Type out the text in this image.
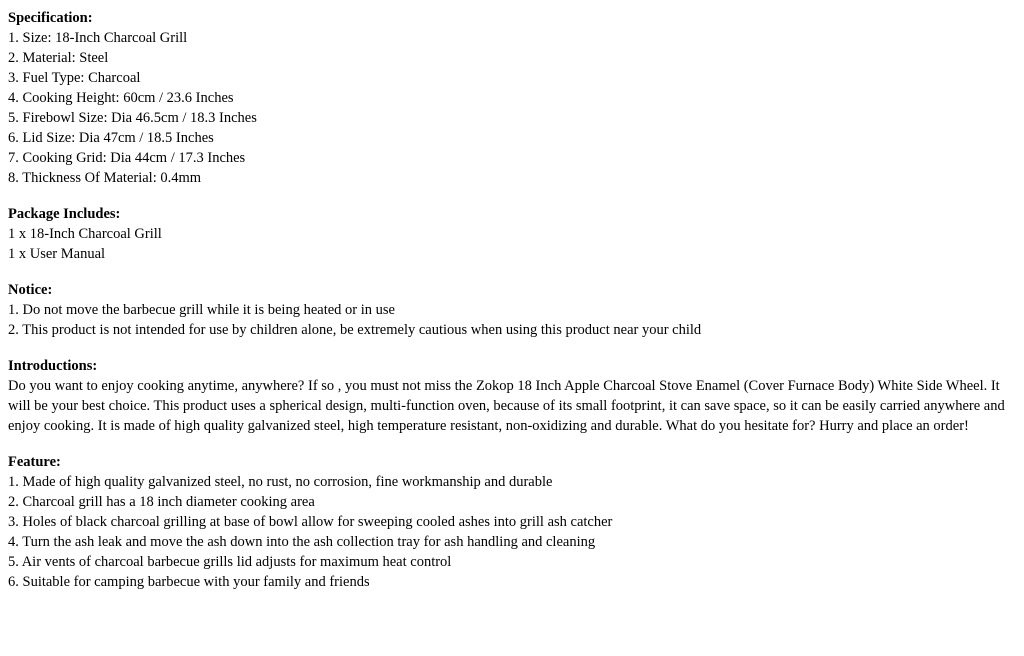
Specification:
1. Size: 18-Inch Charcoal Grill
2. Material: Steel
3. Fuel Type: Charcoal
4. Cooking Height: 60cm / 23.6 Inches
5. Firebowl Size: Dia 46.5cm / 18.3 Inches
6. Lid Size: Dia 47cm / 18.5 Inches
7. Cooking Grid: Dia 44cm / 17.3 Inches
8. Thickness Of Material: 0.4mm
Package Includes:
1 x 18-Inch Charcoal Grill
1 x User Manual
Notice:
1. Do not move the barbecue grill while it is being heated or in use
2. This product is not intended for use by children alone, be extremely cautious when using this product near your child
Introductions:

Do you want to enjoy cooking anytime, anywhere? If so , you must not miss the Zokop 18 Inch Apple Charcoal Stove Enamel (Cover Furnace Body) White Side Wheel. It will be your best choice. This product uses a spherical design, multi-function oven, because of its small footprint, it can save space, so it can be easily carried anywhere and enjoy cooking. It is made of high quality galvanized steel, high temperature resistant, non-oxidizing and durable. What do you hesitate for? Hurry and place an order!

Feature:
1. Made of high quality galvanized steel, no rust, no corrosion, fine workmanship and durable
2. Charcoal grill has a 18 inch diameter cooking area
3. Holes of black charcoal grilling at base of bowl allow for sweeping cooled ashes into grill ash catcher
4. Turn the ash leak and move the ash down into the ash collection tray for ash handling and cleaning
5. Air vents of charcoal barbecue grills lid adjusts for maximum heat control
6. Suitable for camping barbecue with your family and friends
